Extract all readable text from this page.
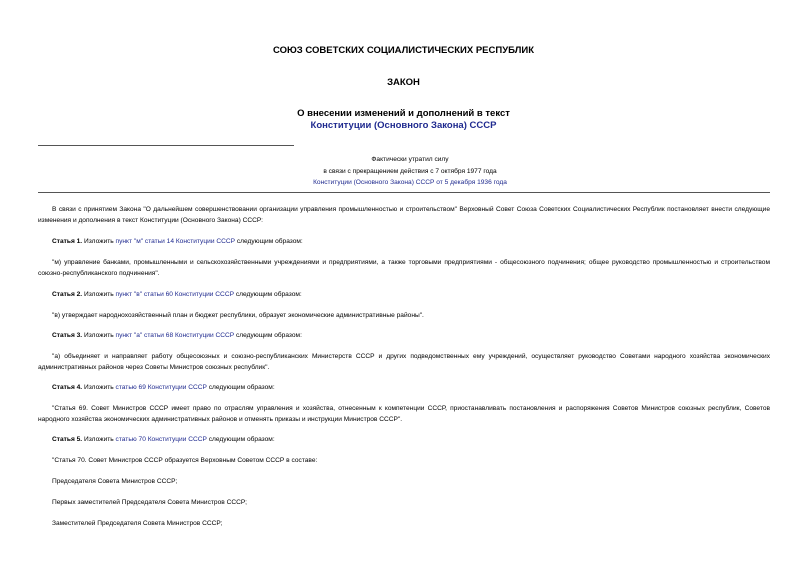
СОЮЗ СОВЕТСКИХ СОЦИАЛИСТИЧЕСКИХ РЕСПУБЛИК
ЗАКОН
О внесении изменений и дополнений в текст
Конституции (Основного Закона) СССР
Фактически утратил силу
в связи с прекращением действия с 7 октября 1977 года
Конституции (Основного Закона) СССР от 5 декабря 1936 года
В связи с принятием Закона "О дальнейшем совершенствовании организации управления промышленностью и строительством" Верховный Совет Союза Советских Социалистических Республик постановляет внести следующие изменения и дополнения в текст Конституции (Основного Закона) СССР:
Статья 1. Изложить пункт "м" статьи 14 Конституции СССР следующим образом:
"м) управление банками, промышленными и сельскохозяйственными учреждениями и предприятиями, а также торговыми предприятиями - общесоюзного подчинения; общее руководство промышленностью и строительством союзно-республиканского подчинения".
Статья 2. Изложить пункт "в" статьи 60 Конституции СССР следующим образом:
"в) утверждает народнохозяйственный план и бюджет республики, образует экономические административные районы".
Статья 3. Изложить пункт "а" статьи 68 Конституции СССР следующим образом:
"а) объединяет и направляет работу общесоюзных и союзно-республиканских Министерств СССР и других подведомственных ему учреждений, осуществляет руководство Советами народного хозяйства экономических административных районов через Советы Министров союзных республик".
Статья 4. Изложить статью 69 Конституции СССР следующим образом:
"Статья 69. Совет Министров СССР имеет право по отраслям управления и хозяйства, отнесенным к компетенции СССР, приостанавливать постановления и распоряжения Советов Министров союзных республик, Советов народного хозяйства экономических административных районов и отменять приказы и инструкции Министров СССР".
Статья 5. Изложить статью 70 Конституции СССР следующим образом:
"Статья 70. Совет Министров СССР образуется Верховным Советом СССР в составе:
Председателя Совета Министров СССР;
Первых заместителей Председателя Совета Министров СССР;
Заместителей Председателя Совета Министров СССР;
